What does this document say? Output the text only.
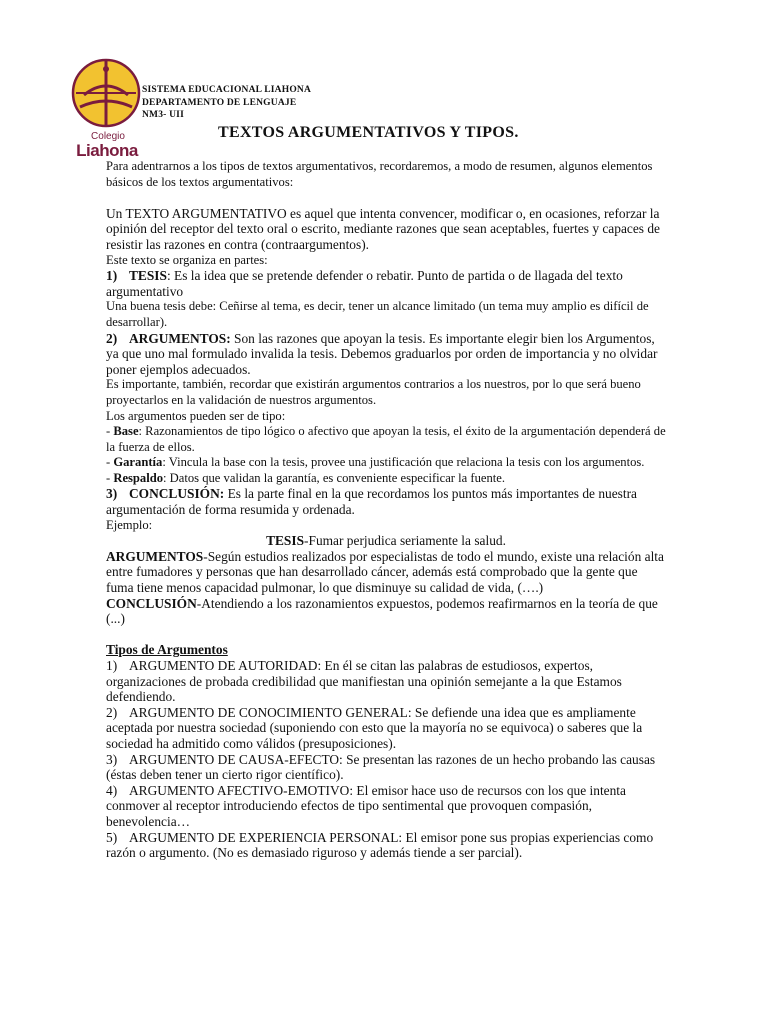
Colegio
Liahona
SISTEMA EDUCACIONAL LIAHONA
DEPARTAMENTO DE LENGUAJE
NM3- UII
TEXTOS ARGUMENTATIVOS Y TIPOS.

Para adentrarnos a los tipos de textos argumentativos, recordaremos, a modo de resumen, algunos elementos básicos de los textos argumentativos:

Un TEXTO ARGUMENTATIVO es aquel que intenta convencer, modificar o, en ocasiones, reforzar la opinión del receptor del texto oral o escrito, mediante razones que sean aceptables, fuertes y capaces de resistir las razones en contra (contraargumentos).

Este texto se organiza en partes:

1) TESIS: Es la idea que se pretende defender o rebatir. Punto de partida o de llagada del texto argumentativo

Una buena tesis debe: Ceñirse al tema, es decir, tener un alcance limitado (un tema muy amplio es difícil de desarrollar).

2) ARGUMENTOS: Son las razones que apoyan la tesis. Es importante elegir bien los Argumentos, ya que uno mal formulado invalida la tesis. Debemos graduarlos por orden de importancia y no olvidar poner ejemplos adecuados.

Es importante, también, recordar que existirán argumentos contrarios a los nuestros, por lo que será bueno proyectarlos en la validación de nuestros argumentos.

Los argumentos pueden ser de tipo:

- Base: Razonamientos de tipo lógico o afectivo que apoyan la tesis, el éxito de la argumentación dependerá de la fuerza de ellos.

- Garantía: Vincula la base con la tesis, provee una justificación que relaciona la tesis con los argumentos.

- Respaldo: Datos que validan la garantía, es conveniente especificar la fuente.

3) CONCLUSIÓN: Es la parte final en la que recordamos los puntos más importantes de nuestra argumentación de forma resumida y ordenada.

Ejemplo:

TESIS-Fumar perjudica seriamente la salud.

ARGUMENTOS-Según estudios realizados por especialistas de todo el mundo, existe una relación alta entre fumadores y personas que han desarrollado cáncer, además está comprobado que la gente que fuma tiene menos capacidad pulmonar, lo que disminuye su calidad de vida, (….)

CONCLUSIÓN-Atendiendo a los razonamientos expuestos, podemos reafirmarnos en la teoría de que (...)

Tipos de Argumentos

1) ARGUMENTO DE AUTORIDAD: En él se citan las palabras de estudiosos, expertos, organizaciones de probada credibilidad que manifiestan una opinión semejante a la que Estamos defendiendo.

2) ARGUMENTO DE CONOCIMIENTO GENERAL: Se defiende una idea que es ampliamente aceptada por nuestra sociedad (suponiendo con esto que la mayoría no se equivoca) o saberes que la sociedad ha admitido como válidos (presuposiciones).

3) ARGUMENTO DE CAUSA-EFECTO: Se presentan las razones de un hecho probando las causas (éstas deben tener un cierto rigor científico).

4) ARGUMENTO AFECTIVO-EMOTIVO: El emisor hace uso de recursos con los que intenta conmover al receptor introduciendo efectos de tipo sentimental que provoquen compasión, benevolencia…

5) ARGUMENTO DE EXPERIENCIA PERSONAL: El emisor pone sus propias experiencias como razón o argumento. (No es demasiado riguroso y además tiende a ser parcial).
